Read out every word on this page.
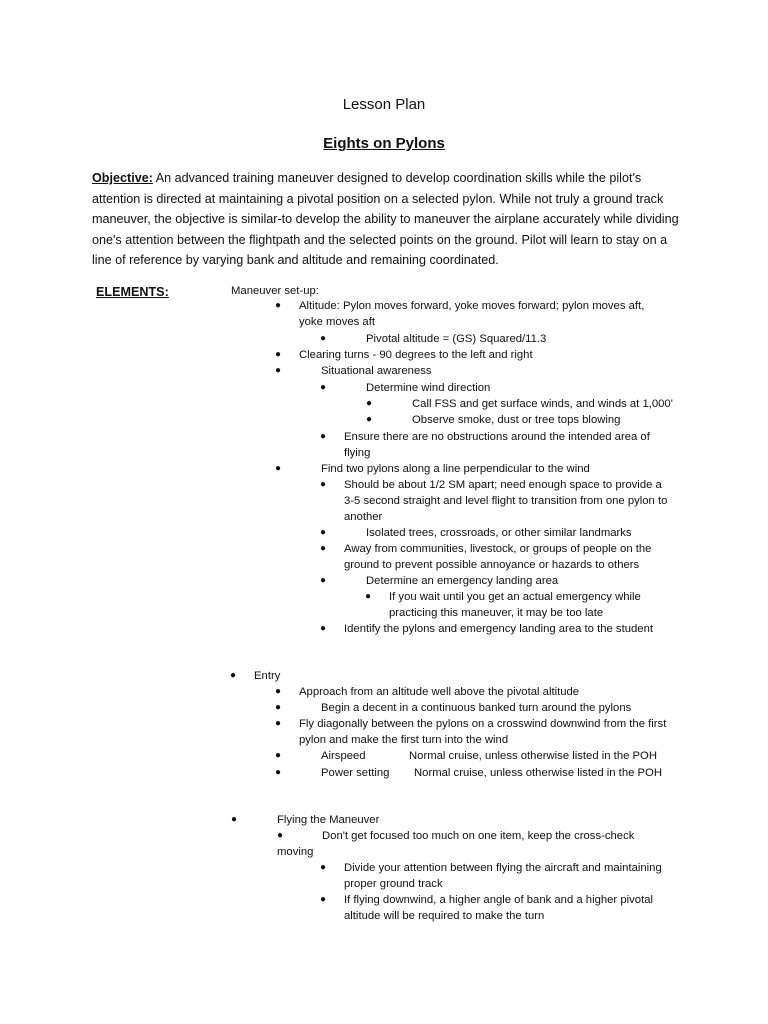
Lesson Plan
Eights on Pylons
Objective: An advanced training maneuver designed to develop coordination skills while the pilot's attention is directed at maintaining a pivotal position on a selected pylon. While not truly a ground track maneuver, the objective is similar-to develop the ability to maneuver the airplane accurately while dividing one's attention between the flightpath and the selected points on the ground. Pilot will learn to stay on a line of reference by varying bank and altitude and remaining coordinated.
ELEMENTS:	Maneuver set-up:
● Altitude: Pylon moves forward, yoke moves forward; pylon moves aft, yoke moves aft
●	Pivotal altitude = (GS) Squared/11.3
● Clearing turns - 90 degrees to the left and right
●	Situational awareness
●	Determine wind direction
●	Call FSS and get surface winds, and winds at 1,000'
●	Observe smoke, dust or tree tops blowing
● Ensure there are no obstructions around the intended area of flying
●	Find two pylons along a line perpendicular to the wind
● Should be about 1/2 SM apart; need enough space to provide a 3-5 second straight and level flight to transition from one pylon to another
●	Isolated trees, crossroads, or other similar landmarks
● Away from communities, livestock, or groups of people on the ground to prevent possible annoyance or hazards to others
●	Determine an emergency landing area
● If you wait until you get an actual emergency while practicing this maneuver, it may be too late
● Identify the pylons and emergency landing area to the student
● Entry
● Approach from an altitude well above the pivotal altitude
●	Begin a decent in a continuous banked turn around the pylons
● Fly diagonally between the pylons on a crosswind downwind from the first pylon and make the first turn into the wind
●	Airspeed	Normal cruise, unless otherwise listed in the POH
●	Power setting Normal cruise, unless otherwise listed in the POH
●	Flying the Maneuver
●	Don't get focused too much on one item, keep the cross-check moving
● Divide your attention between flying the aircraft and maintaining proper ground track
● If flying downwind, a higher angle of bank and a higher pivotal altitude will be required to make the turn
